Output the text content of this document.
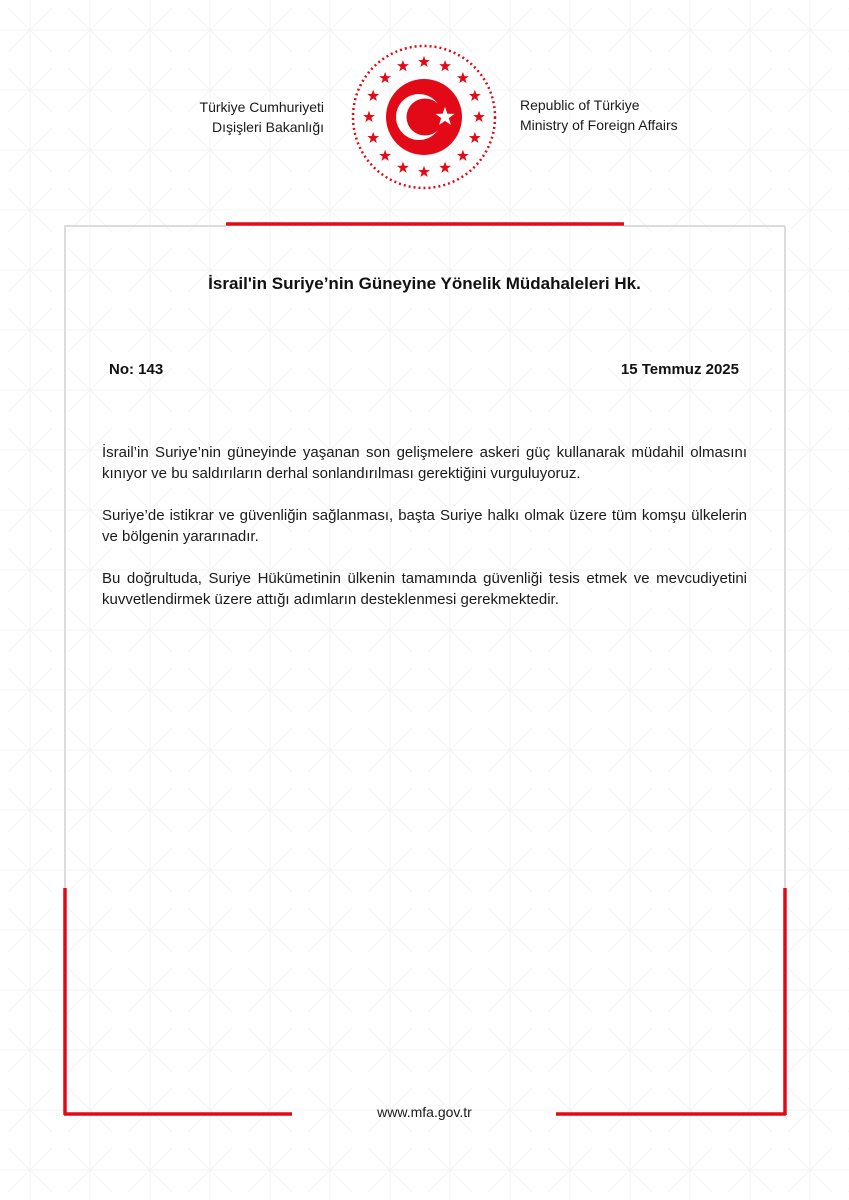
Türkiye Cumhuriyeti
Dışişleri Bakanlığı
Republic of Türkiye
Ministry of Foreign Affairs
İsrail'in Suriye’nin Güneyine Yönelik Müdahaleleri Hk.
No: 143	15 Temmuz 2025

İsrail’in Suriye’nin güneyinde yaşanan son gelişmelere askeri güç kullanarak müdahil olmasını kınıyor ve bu saldırıların derhal sonlandırılması gerektiğini vurguluyoruz.

Suriye’de istikrar ve güvenliğin sağlanması, başta Suriye halkı olmak üzere tüm komşu ülkelerin ve bölgenin yararınadır.

Bu doğrultuda, Suriye Hükümetinin ülkenin tamamında güvenliği tesis etmek ve mevcudiyetini kuvvetlendirmek üzere attığı adımların desteklenmesi gerekmektedir.

www.mfa.gov.tr
